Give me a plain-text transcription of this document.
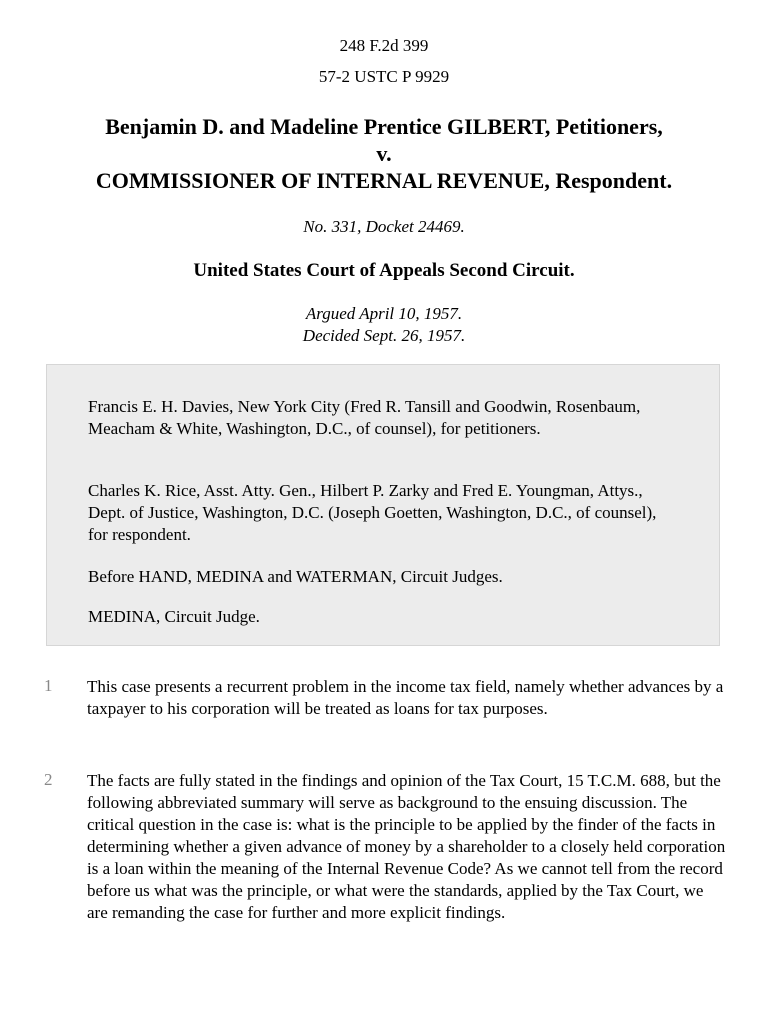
248 F.2d 399
57-2 USTC P 9929
Benjamin D. and Madeline Prentice GILBERT, Petitioners,
v.
COMMISSIONER OF INTERNAL REVENUE, Respondent.
No. 331, Docket 24469.
United States Court of Appeals Second Circuit.
Argued April 10, 1957.
Decided Sept. 26, 1957.

Francis E. H. Davies, New York City (Fred R. Tansill and Goodwin, Rosenbaum, Meacham & White, Washington, D.C., of counsel), for petitioners.

Charles K. Rice, Asst. Atty. Gen., Hilbert P. Zarky and Fred E. Youngman, Attys., Dept. of Justice, Washington, D.C. (Joseph Goetten, Washington, D.C., of counsel), for respondent.

Before HAND, MEDINA and WATERMAN, Circuit Judges.

MEDINA, Circuit Judge.

1 This case presents a recurrent problem in the income tax field, namely whether advances by a taxpayer to his corporation will be treated as loans for tax purposes.

2 The facts are fully stated in the findings and opinion of the Tax Court, 15 T.C.M. 688, but the following abbreviated summary will serve as background to the ensuing discussion. The critical question in the case is: what is the principle to be applied by the finder of the facts in determining whether a given advance of money by a shareholder to a closely held corporation is a loan within the meaning of the Internal Revenue Code? As we cannot tell from the record before us what was the principle, or what were the standards, applied by the Tax Court, we are remanding the case for further and more explicit findings.
